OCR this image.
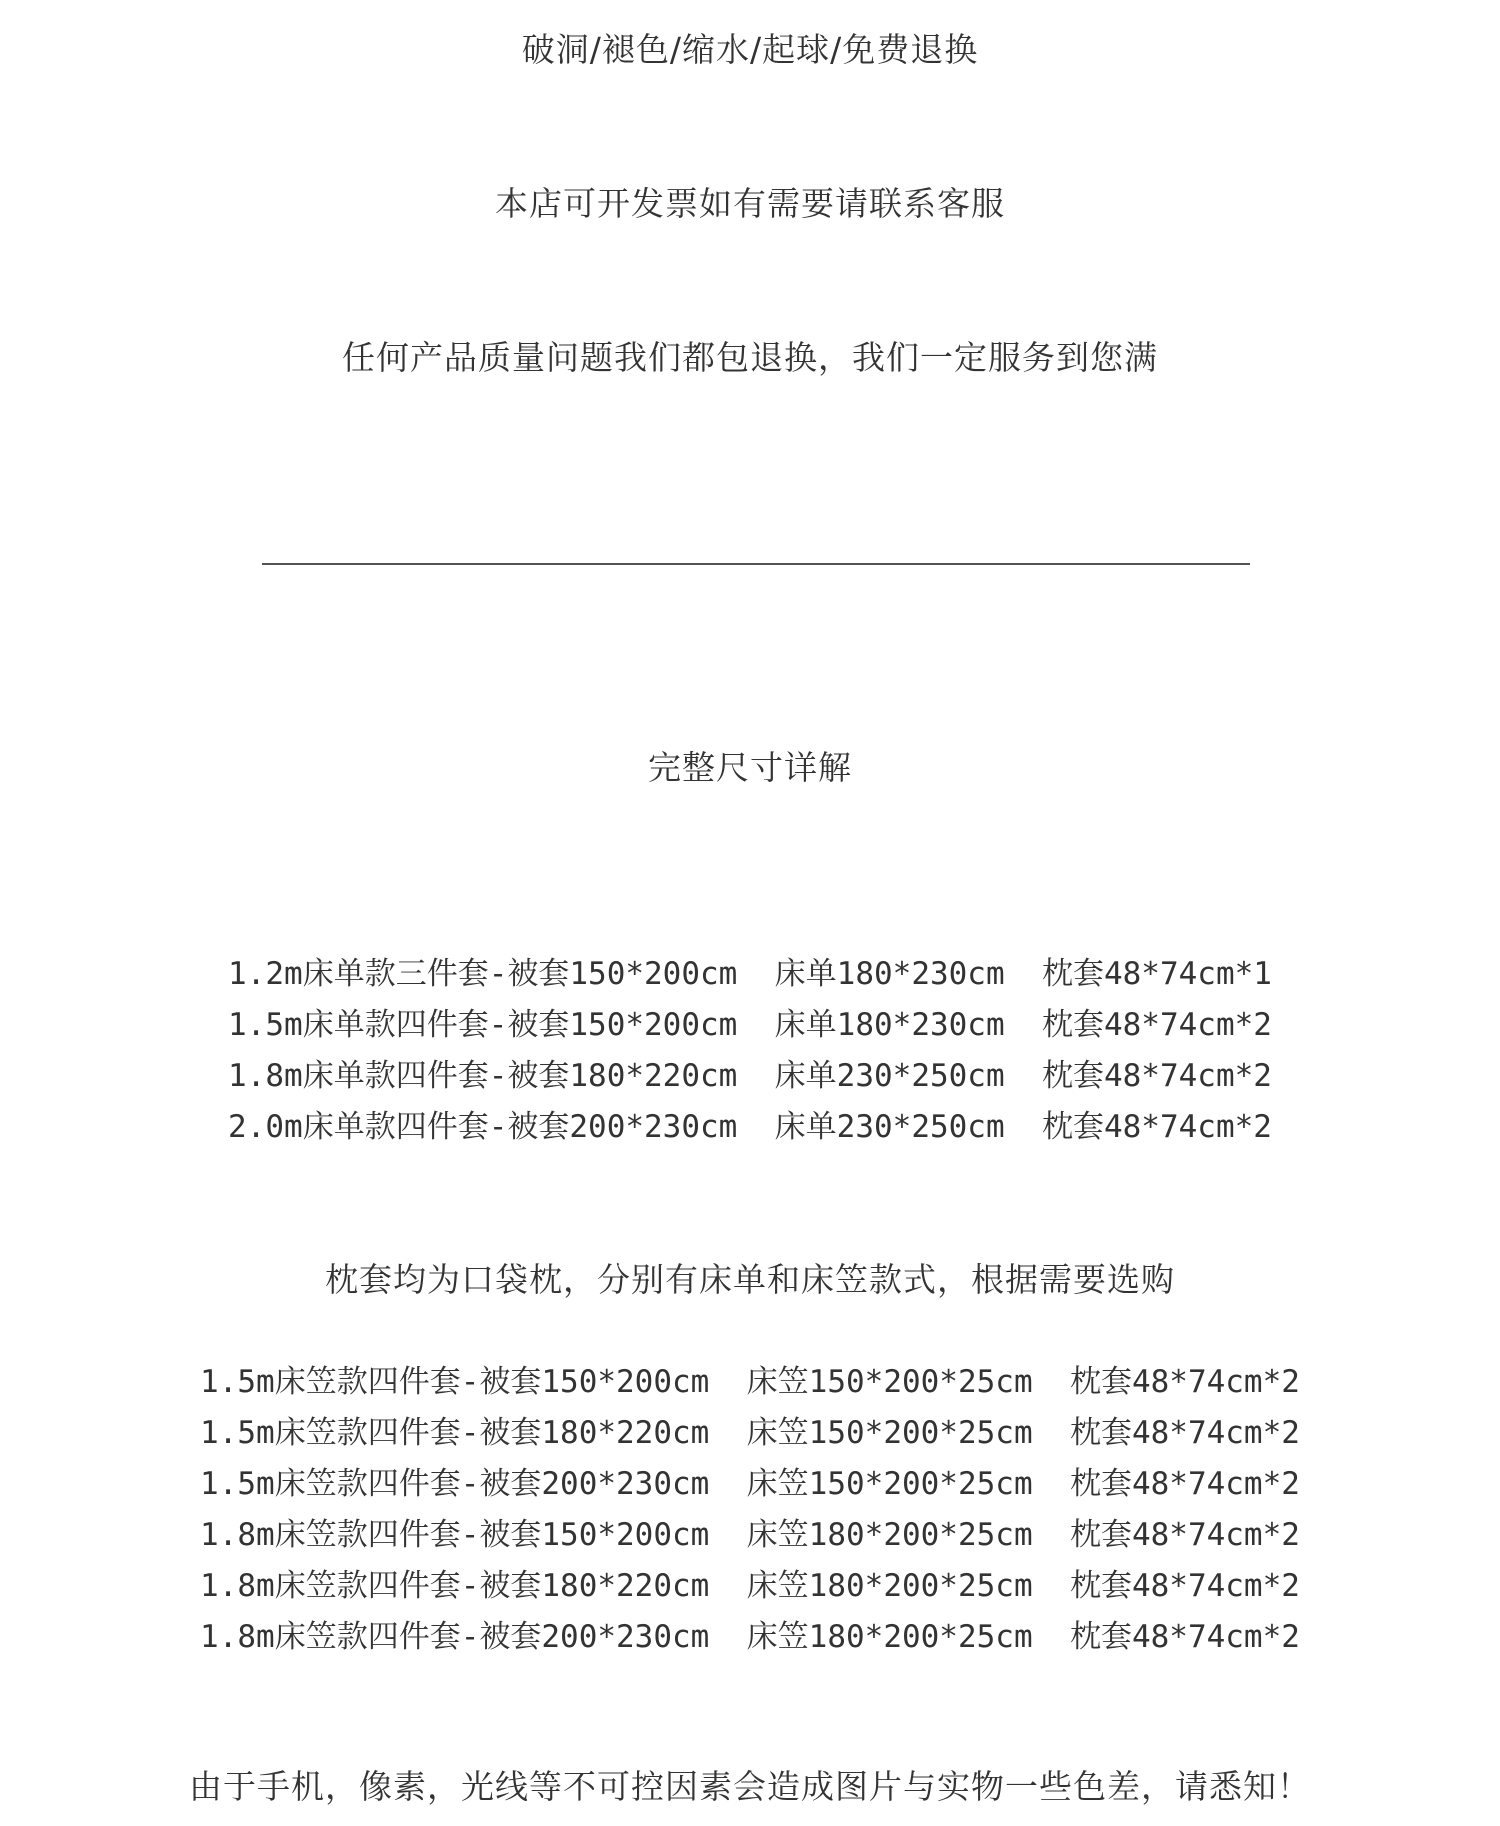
破洞/褪色/缩水/起球/免费退换
本店可开发票如有需要请联系客服
任何产品质量问题我们都包退换，我们一定服务到您满
完整尺寸详解
1.2m床单款三件套-被套150*200cm  床单180*230cm  枕套48*74cm*1
1.5m床单款四件套-被套150*200cm  床单180*230cm  枕套48*74cm*2
1.8m床单款四件套-被套180*220cm  床单230*250cm  枕套48*74cm*2
2.0m床单款四件套-被套200*230cm  床单230*250cm  枕套48*74cm*2
枕套均为口袋枕，分别有床单和床笠款式，根据需要选购
1.5m床笠款四件套-被套150*200cm  床笠150*200*25cm  枕套48*74cm*2
1.5m床笠款四件套-被套180*220cm  床笠150*200*25cm  枕套48*74cm*2
1.5m床笠款四件套-被套200*230cm  床笠150*200*25cm  枕套48*74cm*2
1.8m床笠款四件套-被套150*200cm  床笠180*200*25cm  枕套48*74cm*2
1.8m床笠款四件套-被套180*220cm  床笠180*200*25cm  枕套48*74cm*2
1.8m床笠款四件套-被套200*230cm  床笠180*200*25cm  枕套48*74cm*2
由于手机，像素，光线等不可控因素会造成图片与实物一些色差，请悉知！
